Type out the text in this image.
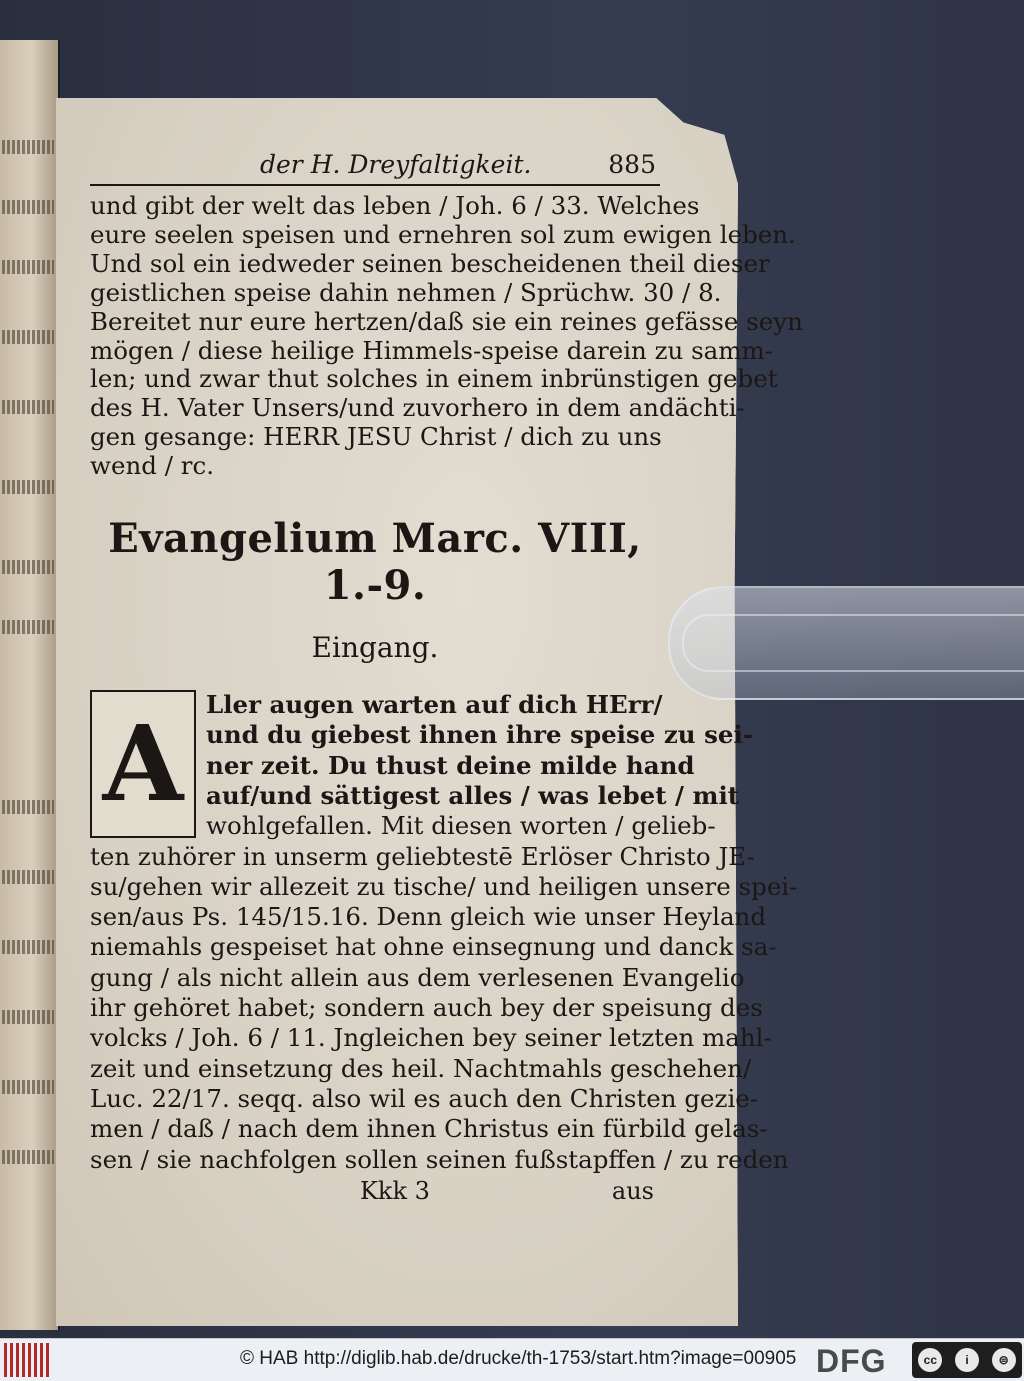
der H. Dreyfaltigkeit.	885
und gibt der welt das leben / Joh. 6 / 33. Welches
eure seelen speisen und ernehren sol zum ewigen leben.
Und sol ein iedweder seinen bescheidenen theil dieser
geistlichen speise dahin nehmen / Sprüchw. 30 / 8.
Bereitet nur eure hertzen/daß sie ein reines gefässe seyn
mögen / diese heilige Himmels-speise darein zu samm-
len; und zwar thut solches in einem inbrünstigen gebet
des H. Vater Unsers/und zuvorhero in dem andächti-
gen gesange: HERR JESU Christ / dich zu uns
wend / rc.
Evangelium Marc. VIII, 1.-9.
Eingang.
A Ller augen warten auf dich HErr/
und du giebest ihnen ihre speise zu sei-
ner zeit. Du thust deine milde hand
auf/und sättigest alles / was lebet / mit
wohlgefallen. Mit diesen worten / gelieb-
ten zuhörer in unserm geliebtestē Erlöser Christo JE-
su/gehen wir allezeit zu tische/ und heiligen unsere spei-
sen/aus Ps. 145/15.16. Denn gleich wie unser Heyland
niemahls gespeiset hat ohne einsegnung und danck sa-
gung / als nicht allein aus dem verlesenen Evangelio
ihr gehöret habet; sondern auch bey der speisung des
volcks / Joh. 6 / 11. Jngleichen bey seiner letzten mahl-
zeit und einsetzung des heil. Nachtmahls geschehen/
Luc. 22/17. seqq. also wil es auch den Christen gezie-
men / daß / nach dem ihnen Christus ein fürbild gelas-
sen / sie nachfolgen sollen seinen fußstapffen / zu reden
Kkk 3	aus
© HAB http://diglib.hab.de/drucke/th-1753/start.htm?image=00905 DFG	cc	i	⊜
